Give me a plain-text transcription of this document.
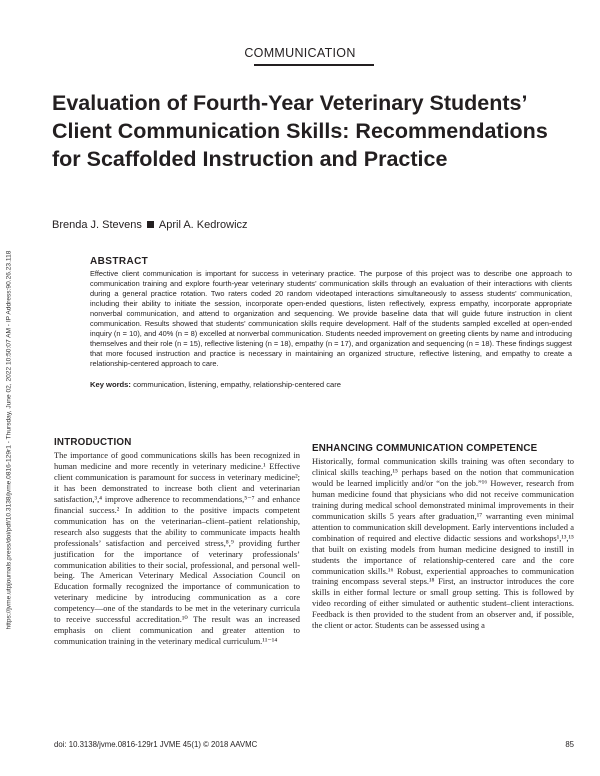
COMMUNICATION
https://jvme.utpjournals.press/doi/pdf/10.3138/jvme.0816-129r1 - Thursday, June 02, 2022 10:50:07 AM - IP Address:90.26.23.118
Evaluation of Fourth-Year Veterinary Students’ Client Communication Skills: Recommendations for Scaffolded Instruction and Practice
Brenda J. Stevens April A. Kedrowicz
ABSTRACT

Effective client communication is important for success in veterinary practice. The purpose of this project was to describe one approach to communication training and explore fourth-year veterinary students’ communication skills through an evaluation of their interactions with clients during a general practice rotation. Two raters coded 20 random videotaped interactions simultaneously to assess students’ communication, including their ability to initiate the session, incorporate open-ended questions, listen reflectively, express empathy, incorporate appropriate nonverbal communication, and attend to organization and sequencing. We provide baseline data that will guide future instruction in client communication. Results showed that students’ communication skills require development. Half of the students sampled excelled at open-ended inquiry (n = 10), and 40% (n = 8) excelled at nonverbal communication. Students needed improvement on greeting clients by name and introducing themselves and their role (n = 15), reflective listening (n = 18), empathy (n = 17), and organization and sequencing (n = 18). These findings suggest that more focused instruction and practice is necessary in maintaining an organized structure, reflective listening, and empathy to create a relationship-centered approach to care.

Key words: communication, listening, empathy, relationship-centered care
INTRODUCTION

The importance of good communications skills has been recognized in human medicine and more recently in veterinary medicine.¹ Effective client communication is paramount for success in veterinary medicine²; it has been demonstrated to increase both client and veterinarian satisfaction,³,⁴ improve adherence to recommendations,⁵⁻⁷ and enhance financial success.² In addition to the positive impacts competent communication has on the veterinarian–client–patient relationship, research also suggests that the ability to communicate impacts health professionals’ satisfaction and perceived stress,⁸,⁹ providing further justification for the importance of veterinary professionals’ communication abilities to their social, professional, and personal well-being. The American Veterinary Medical Association Council on Education formally recognized the importance of communication to veterinary medicine by introducing communication as a core competency—one of the standards to be met in the veterinary curricula to receive successful accreditation.¹⁰ The result was an increased emphasis on client communication and greater attention to communication training in the veterinary medical curriculum.¹¹⁻¹⁴

ENHANCING COMMUNICATION COMPETENCE

Historically, formal communication skills training was often secondary to clinical skills teaching,¹⁵ perhaps based on the notion that communication would be learned implicitly and/or “on the job.”¹⁶ However, research from human medicine found that physicians who did not receive communication training during medical school demonstrated minimal improvements in their communication skills 5 years after graduation,¹⁷ warranting even minimal attention to communication skill development. Early interventions included a combination of required and elective didactic sessions and workshops¹,¹³,¹⁵ that built on existing models from human medicine designed to instill in students the importance of relationship-centered care and the core communication skills.¹⁶ Robust, experiential approaches to communication training encompass several steps.¹⁸ First, an instructor introduces the core skills in either formal lecture or small group setting. This is followed by video recording of either simulated or authentic student–client interactions. Feedback is then provided to the student from an observer and, if possible, the client or actor. Students can be assessed using a

doi: 10.3138/jvme.0816-129r1 JVME 45(1) © 2018 AAVMC	85
